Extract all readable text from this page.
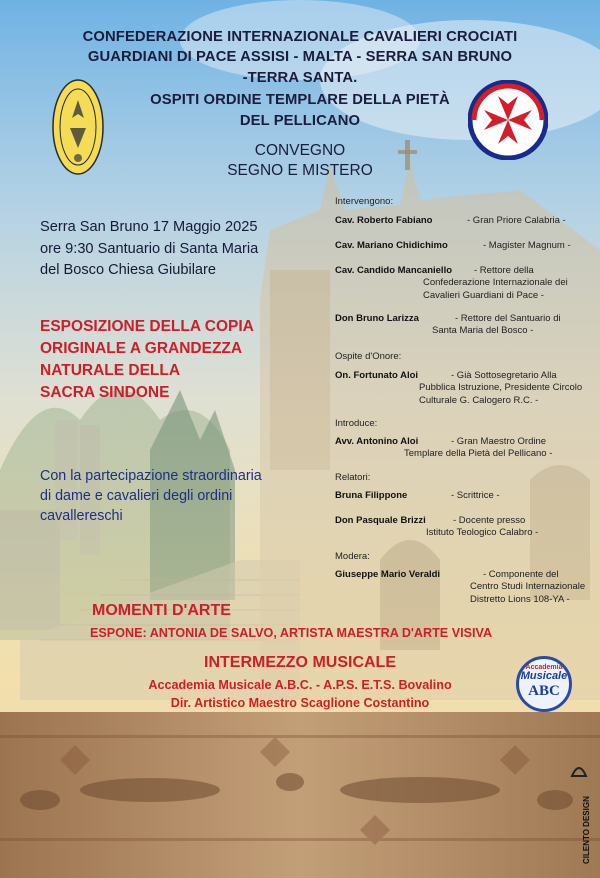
CONFEDERAZIONE INTERNAZIONALE CAVALIERI CROCIATI
GUARDIANI DI PACE ASSISI - MALTA - SERRA SAN BRUNO
-TERRA SANTA.
OSPITI ORDINE TEMPLARE DELLA PIETÀ
DEL PELLICANO
CONVEGNO
SEGNO E MISTERO
Serra San Bruno 17 Maggio 2025
ore 9:30 Santuario di Santa Maria
del Bosco Chiesa Giubilare
ESPOSIZIONE DELLA COPIA
ORIGINALE A GRANDEZZA
NATURALE DELLA
SACRA SINDONE
Con la partecipazione straordinaria
di dame e cavalieri degli ordini
cavallereschi
Intervengono:
Cav. Roberto Fabiano	- Gran Priore Calabria -
Cav. Mariano Chidichimo	- Magister Magnum -
Cav. Candido Mancaniello - Rettore della
Confederazione Internazionale dei Cavalieri Guardiani di Pace -
Don Bruno Larizza	- Rettore del Santuario di
Santa Maria del Bosco -
Ospite d'Onore:
On. Fortunato Aloi	- Già Sottosegretario Alla
Pubblica Istruzione, Presidente Circolo Culturale G. Calogero R.C. -
Introduce:
Avv. Antonino Aloi	- Gran Maestro Ordine
Templare della Pietà del Pellicano -
Relatori:
Bruna Filippone	- Scrittrice -
Don Pasquale Brizzi	- Docente presso
Istituto Teologico Calabro -
Modera:
Giuseppe Mario Veraldi	- Componente del
Centro Studi Internazionale Distretto Lions 108-YA -
MOMENTI D'ARTE
ESPONE: ANTONIA DE SALVO, ARTISTA MAESTRA D'ARTE VISIVA
INTERMEZZO MUSICALE
Accademia Musicale A.B.C. - A.P.S. E.T.S. Bovalino
Dir. Artistico Maestro Scaglione Costantino
Accademia
Musicale
ABC
CILENTO DESIGN
